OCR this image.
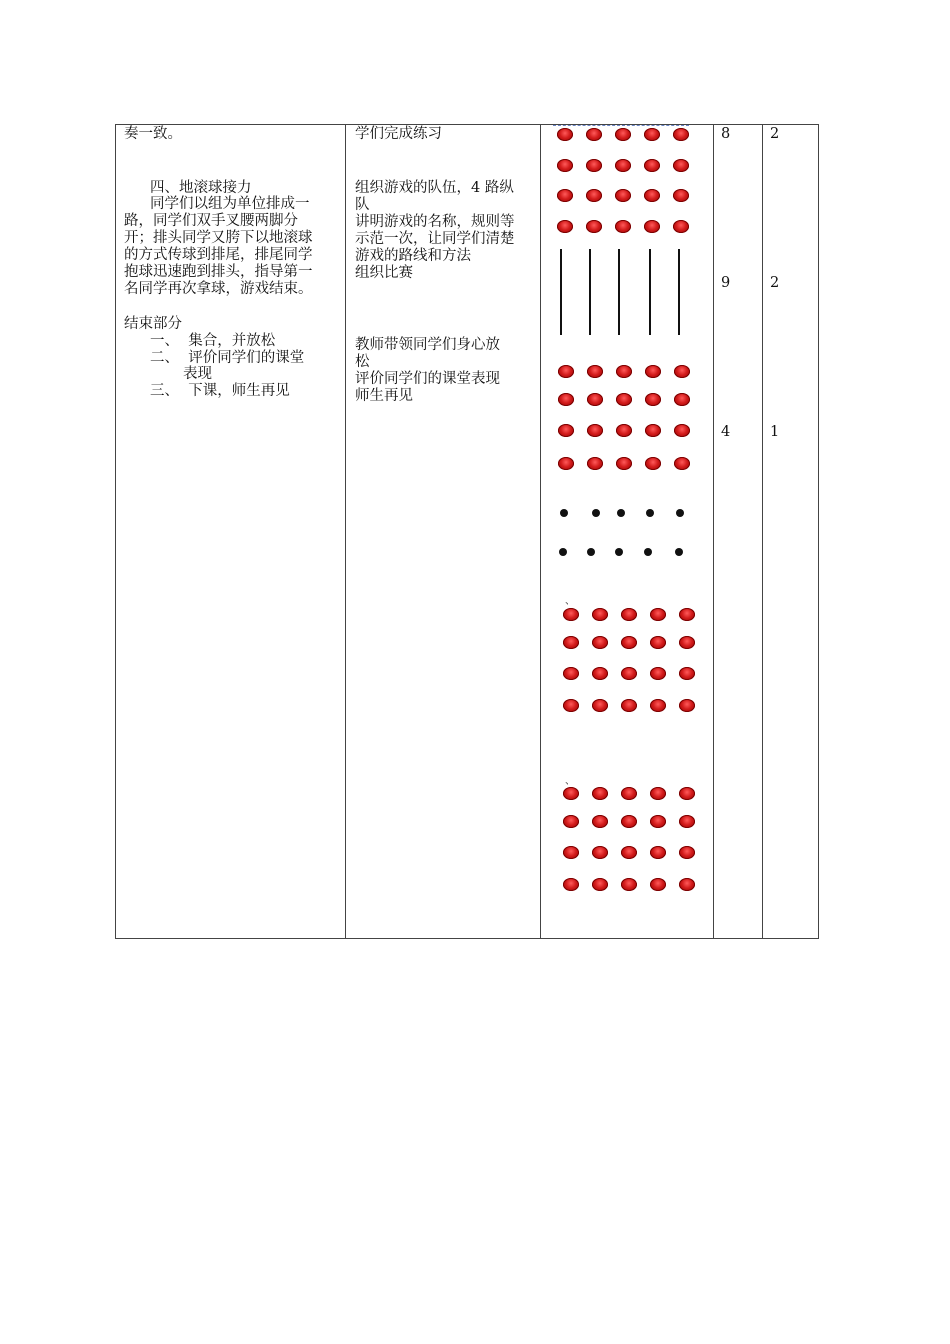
奏一致。
四、地滚球接力
同学们以组为单位排成一
路，同学们双手叉腰两脚分
开；排头同学又胯下以地滚球
的方式传球到排尾，排尾同学
抱球迅速跑到排头，指导第一
名同学再次拿球，游戏结束。
结束部分
一、  集合，并放松
二、  评价同学们的课堂
表现
三、  下课，师生再见
学们完成练习
组织游戏的队伍，4 路纵
队
讲明游戏的名称，规则等
示范一次，让同学们清楚
游戏的路线和方法
组织比赛
教师带领同学们身心放
松
评价同学们的课堂表现
师生再见
8
9
4
2
2
1
、
、
